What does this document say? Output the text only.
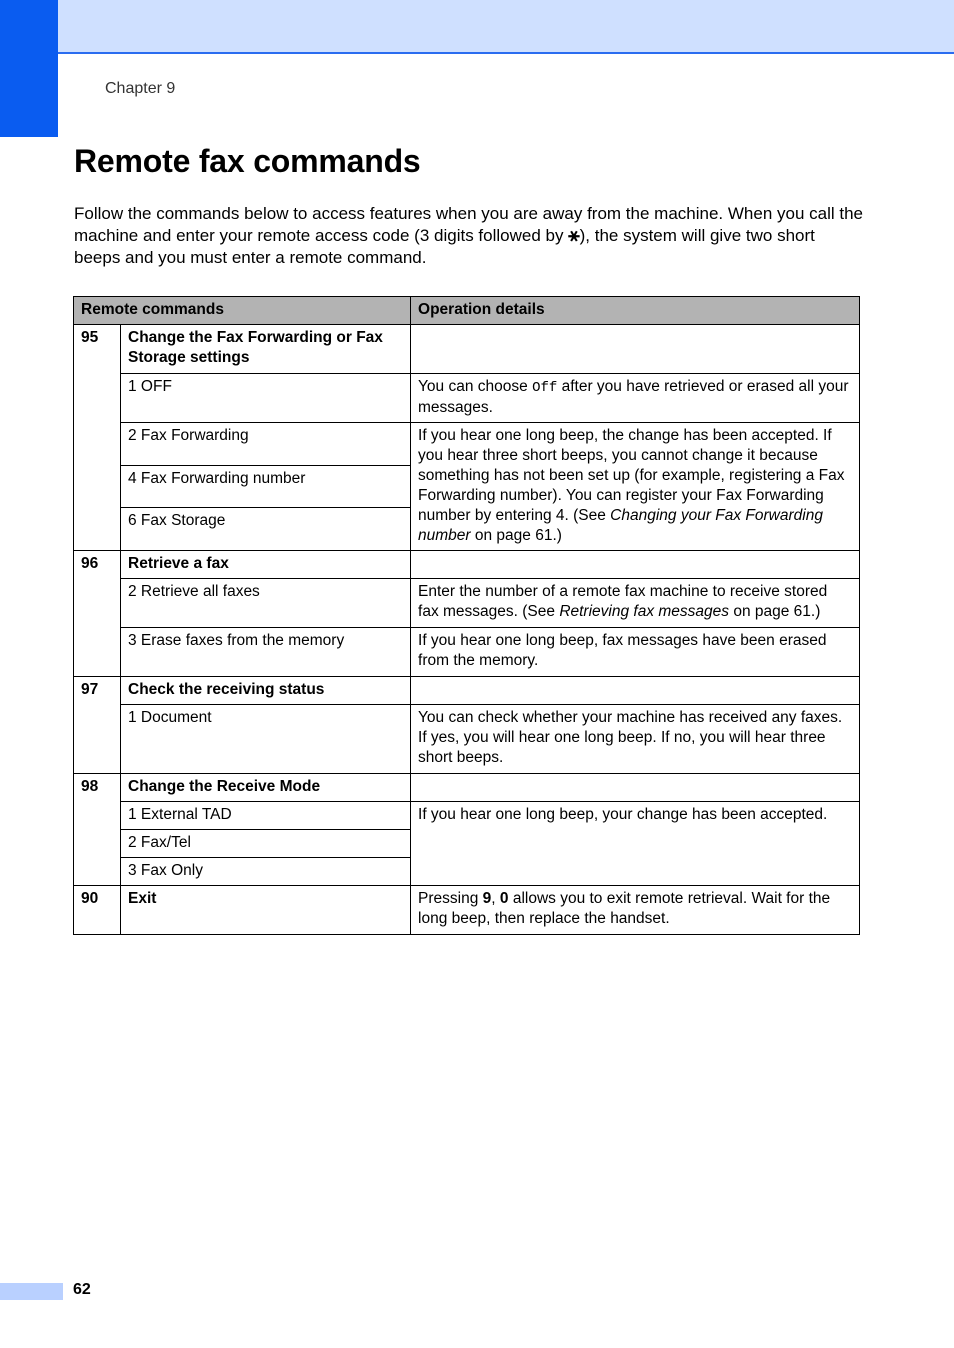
Chapter 9
Remote fax commands

Follow the commands below to access features when you are away from the machine. When you call the machine and enter your remote access code (3 digits followed by ⚹), the system will give two short beeps and you must enter a remote command.

Remote commands		Operation details
95	Change the Fax Forwarding or Fax Storage settings	
	1 OFF	You can choose Off after you have retrieved or erased all your messages.
	2 Fax Forwarding	If you hear one long beep, the change has been accepted. If you hear three short beeps, you cannot change it because something has not been set up (for example, registering a Fax Forwarding number). You can register your Fax Forwarding number by entering 4. (See Changing your Fax Forwarding number on page 61.)
	4 Fax Forwarding number	
	6 Fax Storage	
96	Retrieve a fax	
	2 Retrieve all faxes	Enter the number of a remote fax machine to receive stored fax messages. (See Retrieving fax messages on page 61.)
	3 Erase faxes from the memory	If you hear one long beep, fax messages have been erased from the memory.
97	Check the receiving status	
	1 Document	You can check whether your machine has received any faxes. If yes, you will hear one long beep. If no, you will hear three short beeps.
98	Change the Receive Mode	
	1 External TAD	If you hear one long beep, your change has been accepted.
	2 Fax/Tel	
	3 Fax Only	
90	Exit	Pressing 9, 0 allows you to exit remote retrieval. Wait for the long beep, then replace the handset.
62
